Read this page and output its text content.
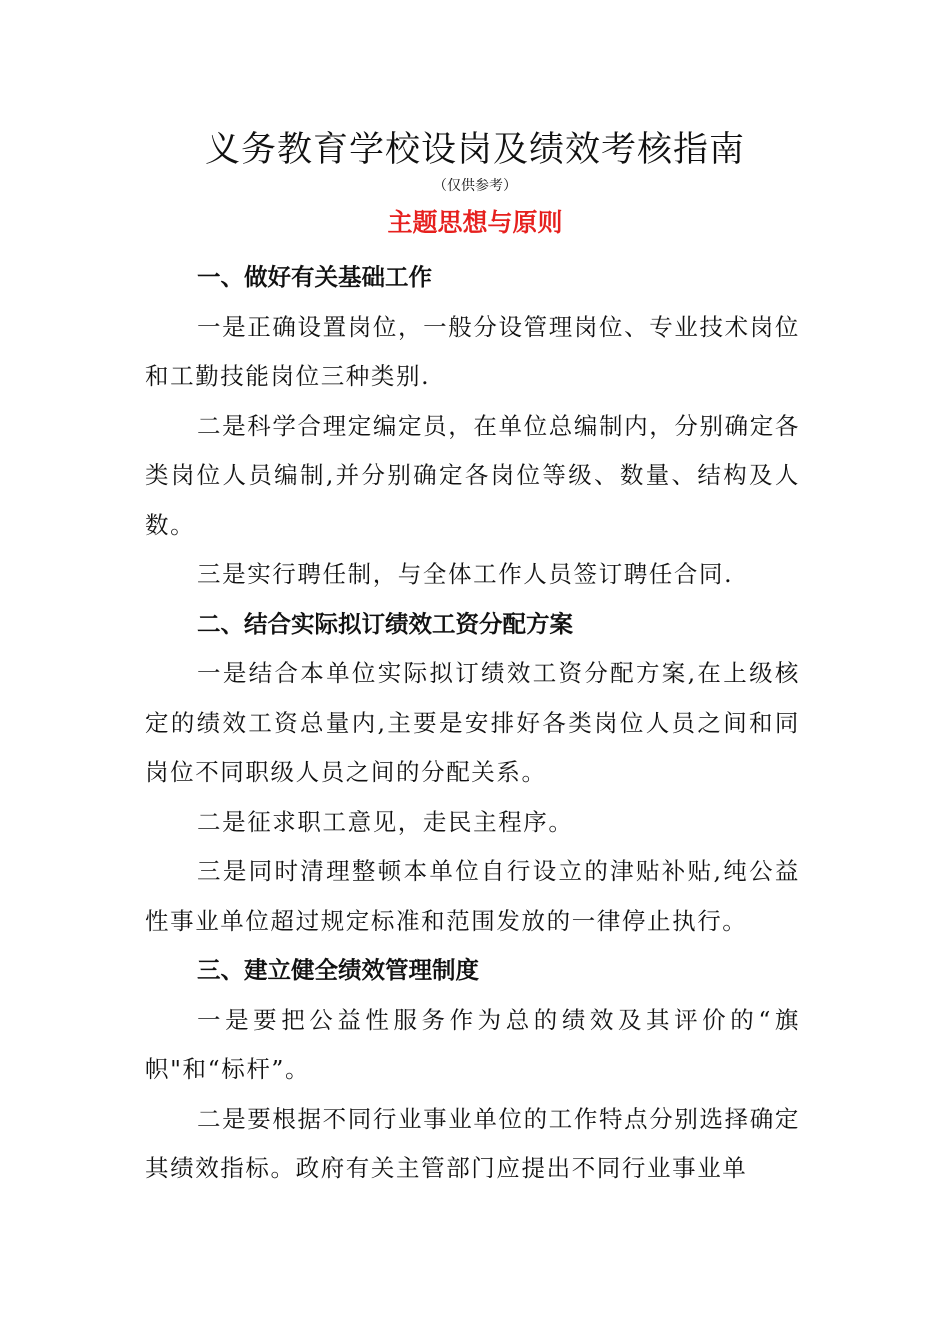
义务教育学校设岗及绩效考核指南
（仅供参考）
主题思想与原则

一、做好有关基础工作

一是正确设置岗位，一般分设管理岗位、专业技术岗位和工勤技能岗位三种类别.

二是科学合理定编定员，在单位总编制内，分别确定各类岗位人员编制,并分别确定各岗位等级、数量、结构及人数。

三是实行聘任制，与全体工作人员签订聘任合同.

二、结合实际拟订绩效工资分配方案

一是结合本单位实际拟订绩效工资分配方案,在上级核定的绩效工资总量内,主要是安排好各类岗位人员之间和同岗位不同职级人员之间的分配关系。

二是征求职工意见，走民主程序。

三是同时清理整顿本单位自行设立的津贴补贴,纯公益性事业单位超过规定标准和范围发放的一律停止执行。

三、建立健全绩效管理制度

一是要把公益性服务作为总的绩效及其评价的“旗帜"和“标杆”。

二是要根据不同行业事业单位的工作特点分别选择确定其绩效指标。政府有关主管部门应提出不同行业事业单
